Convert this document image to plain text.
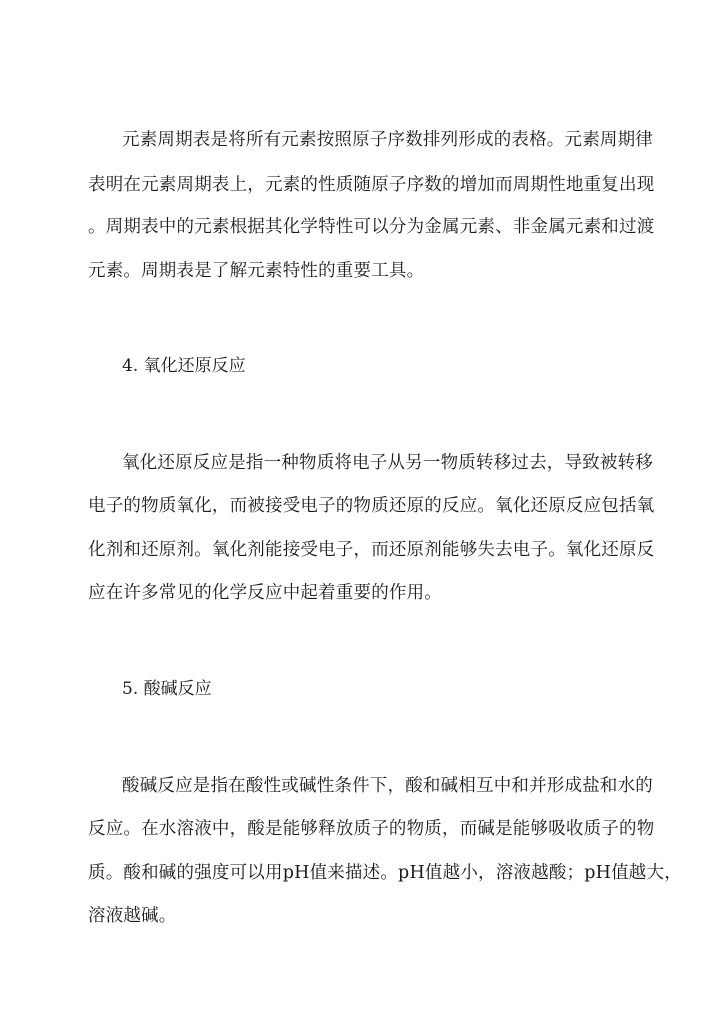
元素周期表是将所有元素按照原子序数排列形成的表格。元素周期律
表明在元素周期表上，元素的性质随原子序数的增加而周期性地重复出现
。周期表中的元素根据其化学特性可以分为金属元素、非金属元素和过渡
元素。周期表是了解元素特性的重要工具。
4. 氧化还原反应
氧化还原反应是指一种物质将电子从另一物质转移过去，导致被转移
电子的物质氧化，而被接受电子的物质还原的反应。氧化还原反应包括氧
化剂和还原剂。氧化剂能接受电子，而还原剂能够失去电子。氧化还原反
应在许多常见的化学反应中起着重要的作用。
5. 酸碱反应
酸碱反应是指在酸性或碱性条件下，酸和碱相互中和并形成盐和水的
反应。在水溶液中，酸是能够释放质子的物质，而碱是能够吸收质子的物
质。酸和碱的强度可以用pH值来描述。pH值越小，溶液越酸；pH值越大，
溶液越碱。
